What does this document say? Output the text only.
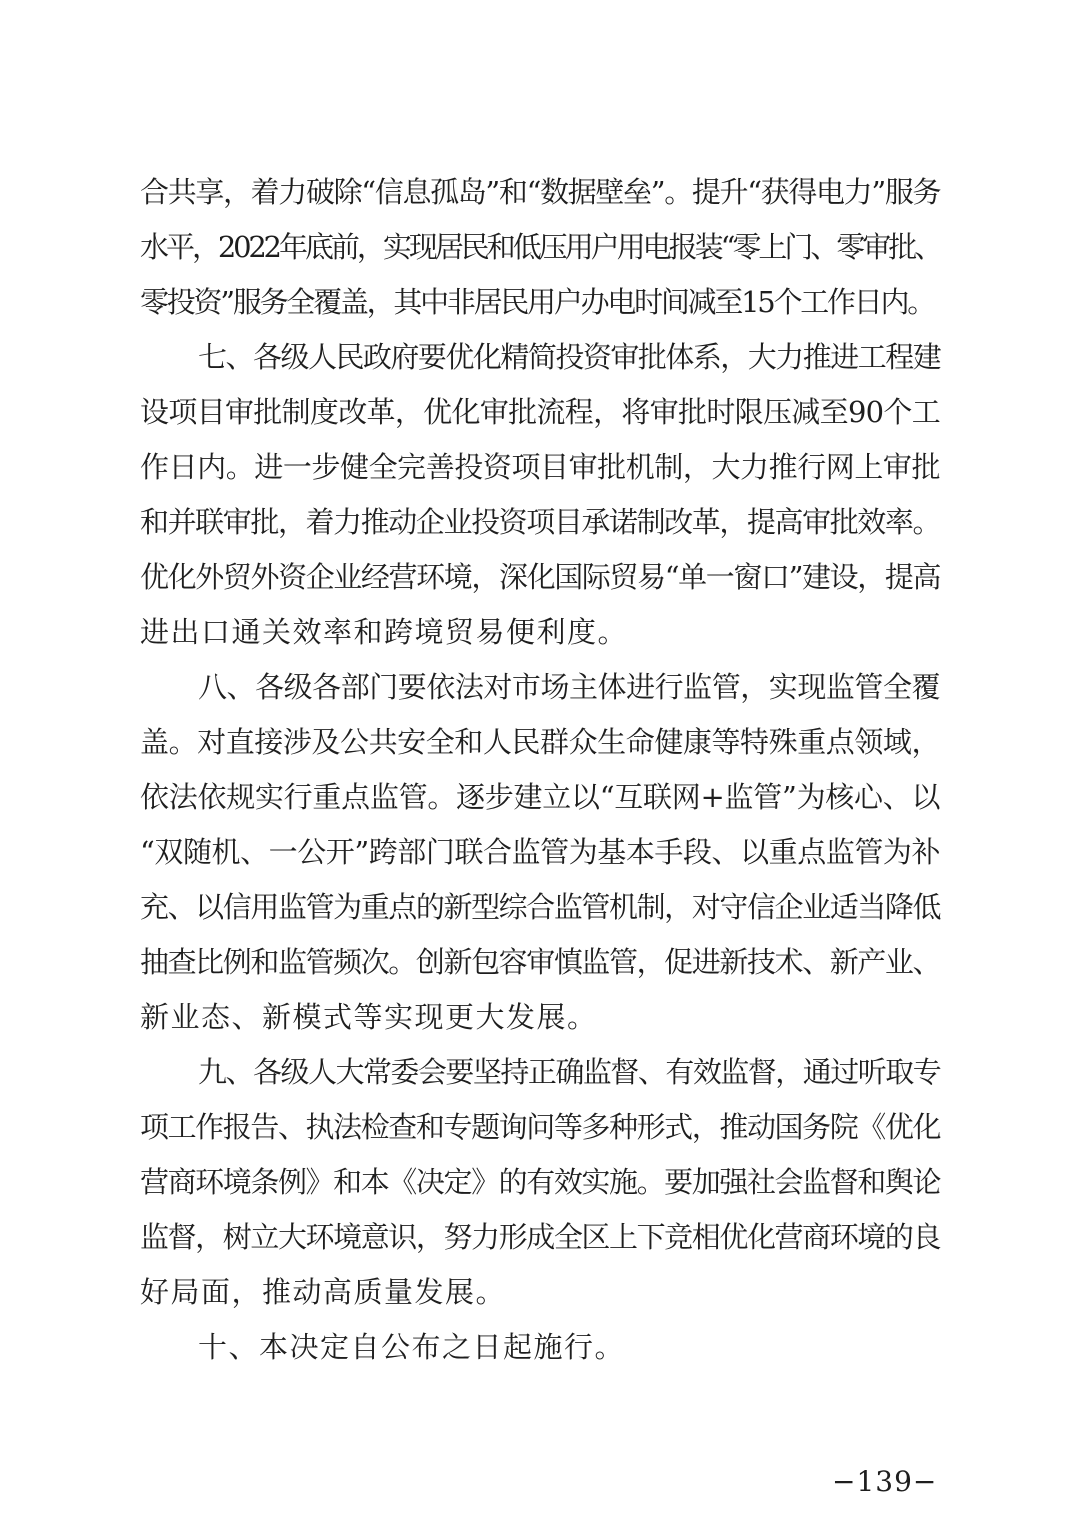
合共享，着力破除“信息孤岛”和“数据壁垒”。提升“获得电力”服务
水平，2022年底前，实现居民和低压用户用电报装“零上门、零审批、
零投资”服务全覆盖，其中非居民用户办电时间减至15个工作日内。
七、各级人民政府要优化精简投资审批体系，大力推进工程建
设项目审批制度改革，优化审批流程，将审批时限压减至90个工
作日内。进一步健全完善投资项目审批机制，大力推行网上审批
和并联审批，着力推动企业投资项目承诺制改革，提高审批效率。
优化外贸外资企业经营环境，深化国际贸易“单一窗口”建设，提高
进出口通关效率和跨境贸易便利度。
八、各级各部门要依法对市场主体进行监管，实现监管全覆
盖。对直接涉及公共安全和人民群众生命健康等特殊重点领域，
依法依规实行重点监管。逐步建立以“互联网+监管”为核心、以
“双随机、一公开”跨部门联合监管为基本手段、以重点监管为补
充、以信用监管为重点的新型综合监管机制，对守信企业适当降低
抽查比例和监管频次。创新包容审慎监管，促进新技术、新产业、
新业态、新模式等实现更大发展。
九、各级人大常委会要坚持正确监督、有效监督，通过听取专
项工作报告、执法检查和专题询问等多种形式，推动国务院《优化
营商环境条例》和本《决定》的有效实施。要加强社会监督和舆论
监督，树立大环境意识，努力形成全区上下竞相优化营商环境的良
好局面，推动高质量发展。
十、本决定自公布之日起施行。
−139−
